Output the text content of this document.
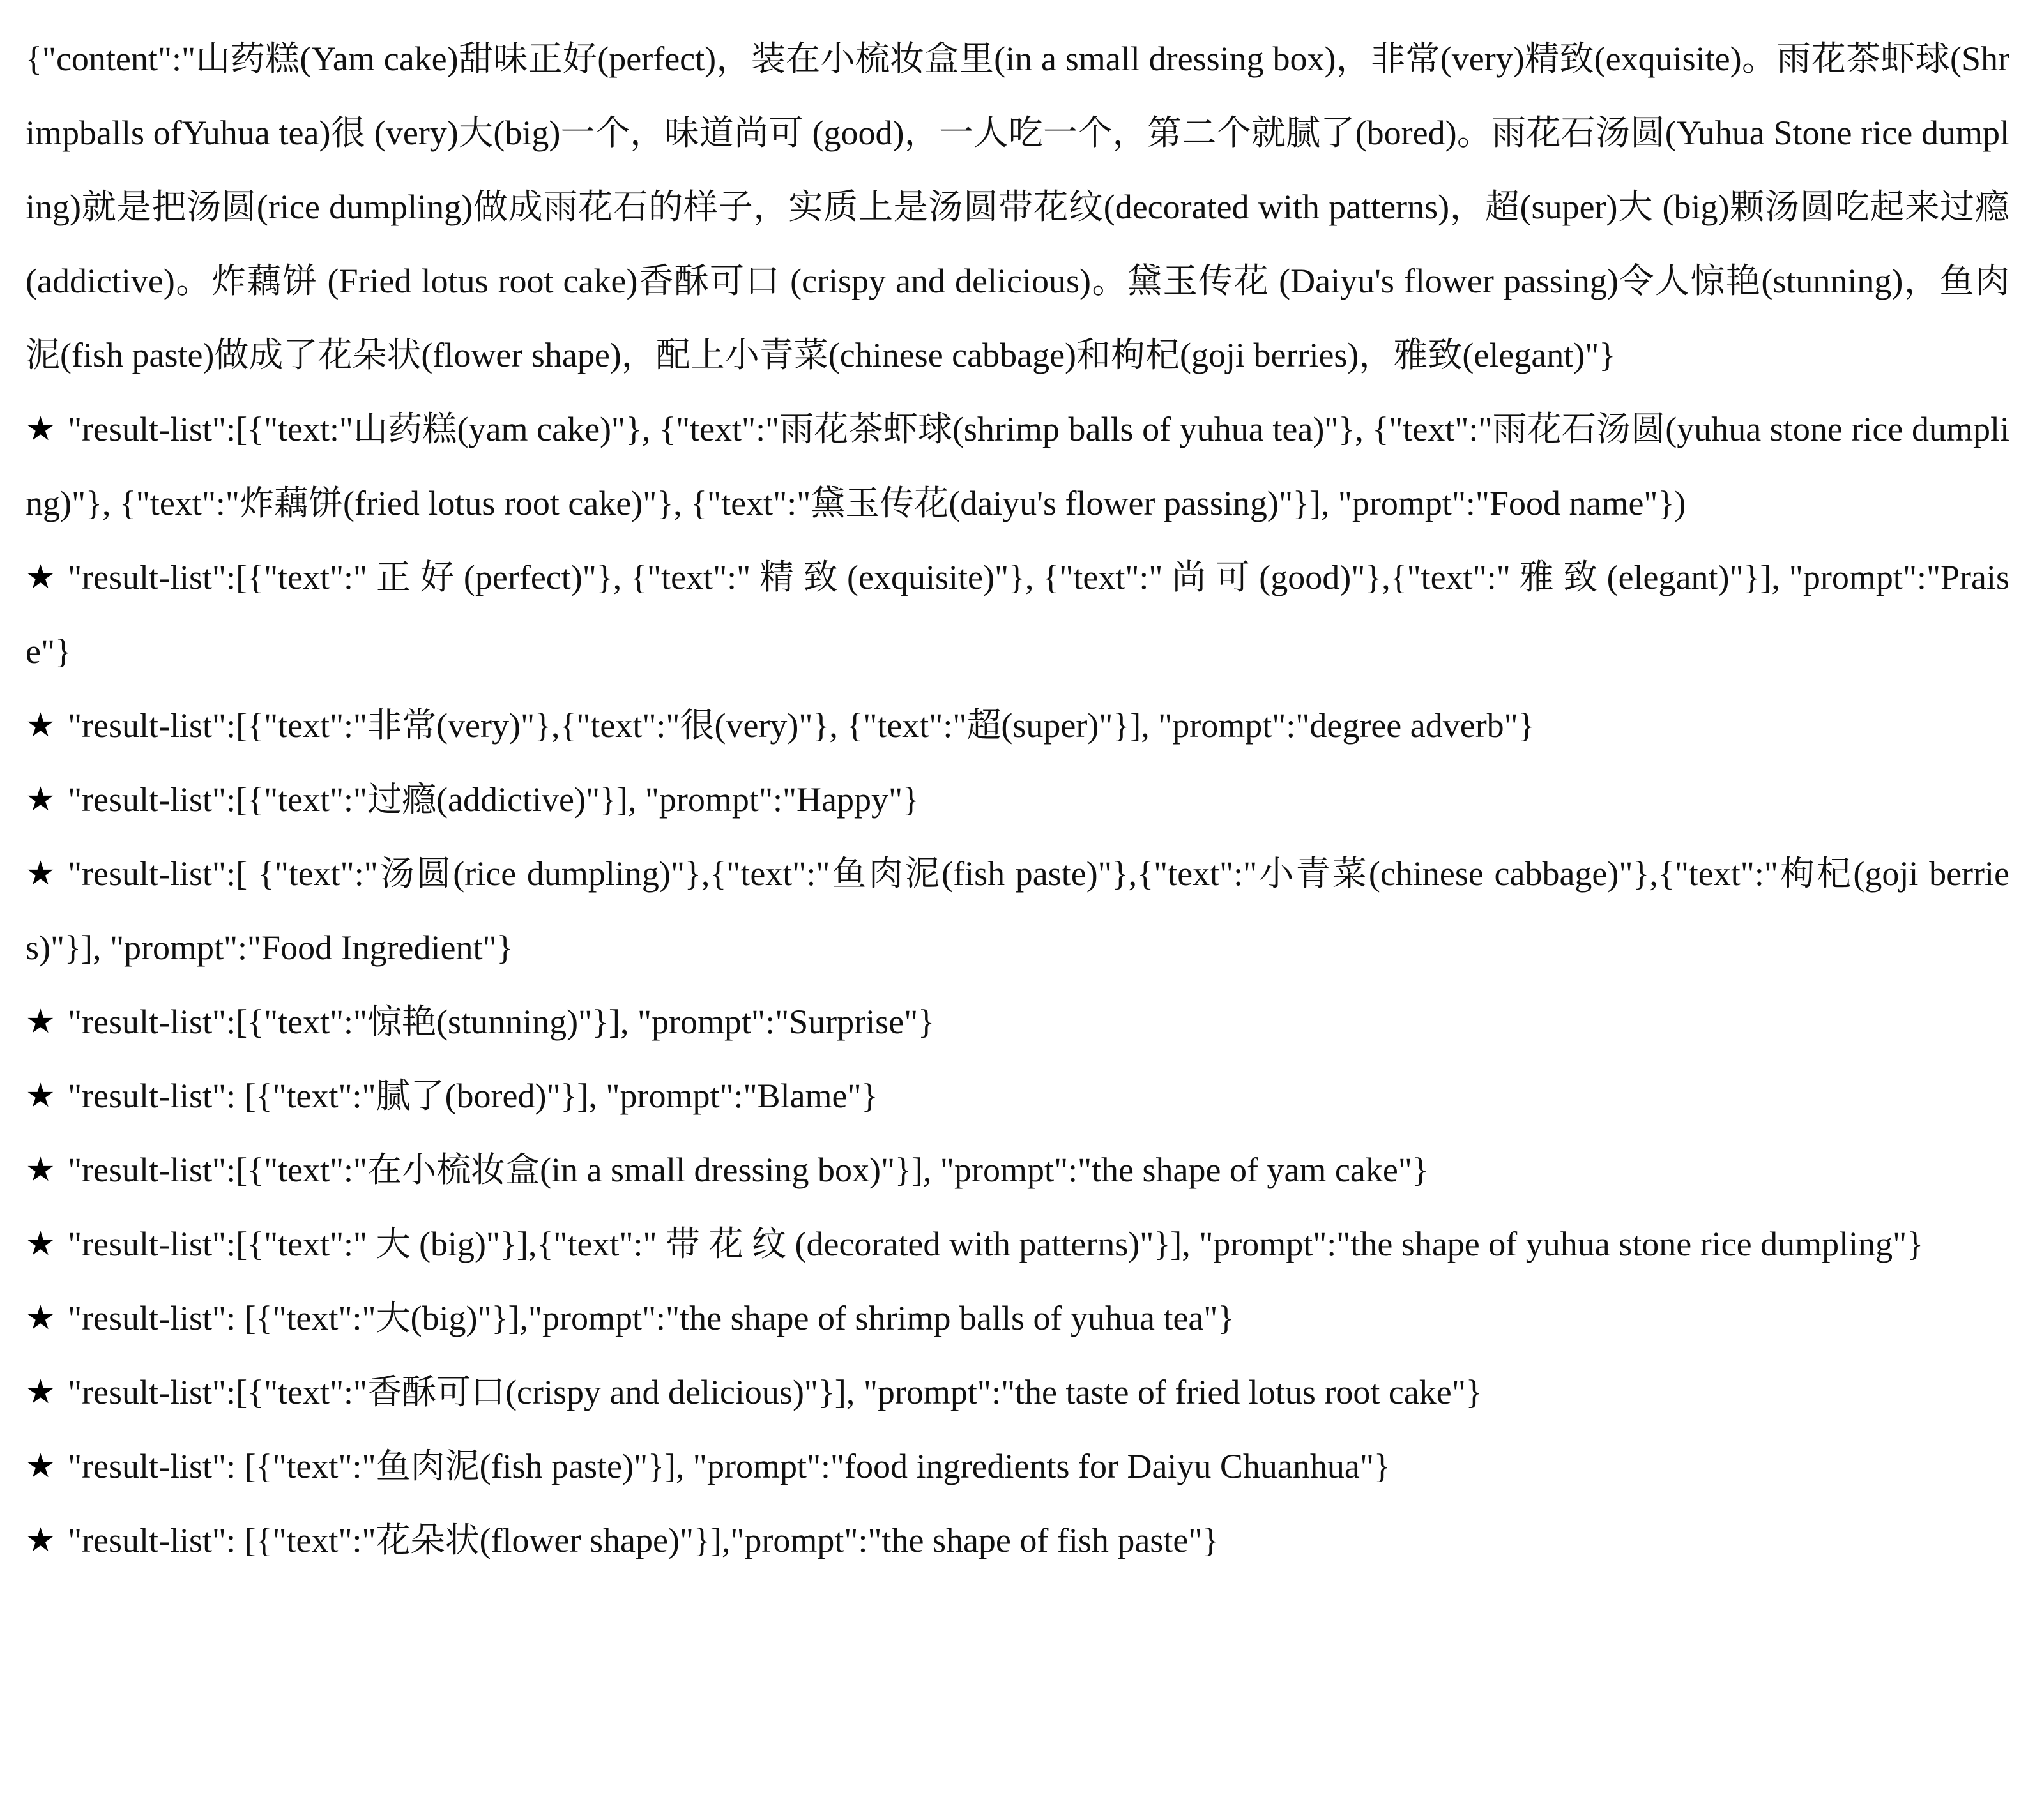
{"content":"山药糕(Yam cake)甜味正好(perfect)，装在小梳妆盒里(in a small dressing box)，非常(very)精致(exquisite)。雨花茶虾球(Shrimpballs ofYuhua tea)很 (very)大(big)一个，味道尚可 (good)，一人吃一个，第二个就腻了(bored)。雨花石汤圆(Yuhua Stone rice dumpling)就是把汤圆(rice dumpling)做成雨花石的样子，实质上是汤圆带花纹(decorated with patterns)，超(super)大 (big)颗汤圆吃起来过瘾(addictive)。炸藕饼 (Fried lotus root cake)香酥可口 (crispy and delicious)。黛玉传花 (Daiyu's flower passing)令人惊艳(stunning)，鱼肉泥(fish paste)做成了花朵状(flower shape)，配上小青菜(chinese cabbage)和枸杞(goji berries)，雅致(elegant)"}

★ "result-list":[{"text:"山药糕(yam cake)"}, {"text":"雨花茶虾球(shrimp balls of yuhua tea)"}, {"text":"雨花石汤圆(yuhua stone rice dumpling)"}, {"text":"炸藕饼(fried lotus root cake)"}, {"text":"黛玉传花(daiyu's flower passing)"}], "prompt":"Food name"})
★ "result-list":[{"text":" 正 好 (perfect)"}, {"text":" 精 致 (exquisite)"}, {"text":" 尚 可 (good)"},{"text":" 雅 致 (elegant)"}], "prompt":"Praise"}
★ "result-list":[{"text":"非常(very)"},{"text":"很(very)"}, {"text":"超(super)"}], "prompt":"degree adverb"}
★ "result-list":[{"text":"过瘾(addictive)"}], "prompt":"Happy"}
★ "result-list":[ {"text":"汤圆(rice dumpling)"},{"text":"鱼肉泥(fish paste)"},{"text":"小青菜(chinese cabbage)"},{"text":"枸杞(goji berries)"}], "prompt":"Food Ingredient"}
★ "result-list":[{"text":"惊艳(stunning)"}], "prompt":"Surprise"}
★ "result-list": [{"text":"腻了(bored)"}], "prompt":"Blame"}
★ "result-list":[{"text":"在小梳妆盒(in a small dressing box)"}], "prompt":"the shape of yam cake"}
★ "result-list":[{"text":" 大 (big)"}],{"text":" 带 花 纹 (decorated with patterns)"}], "prompt":"the shape of yuhua stone rice dumpling"}
★ "result-list": [{"text":"大(big)"}],"prompt":"the shape of shrimp balls of yuhua tea"}
★ "result-list":[{"text":"香酥可口(crispy and delicious)"}], "prompt":"the taste of fried lotus root cake"}
★ "result-list": [{"text":"鱼肉泥(fish paste)"}], "prompt":"food ingredients for Daiyu Chuanhua"}
★ "result-list": [{"text":"花朵状(flower shape)"}],"prompt":"the shape of fish paste"}
